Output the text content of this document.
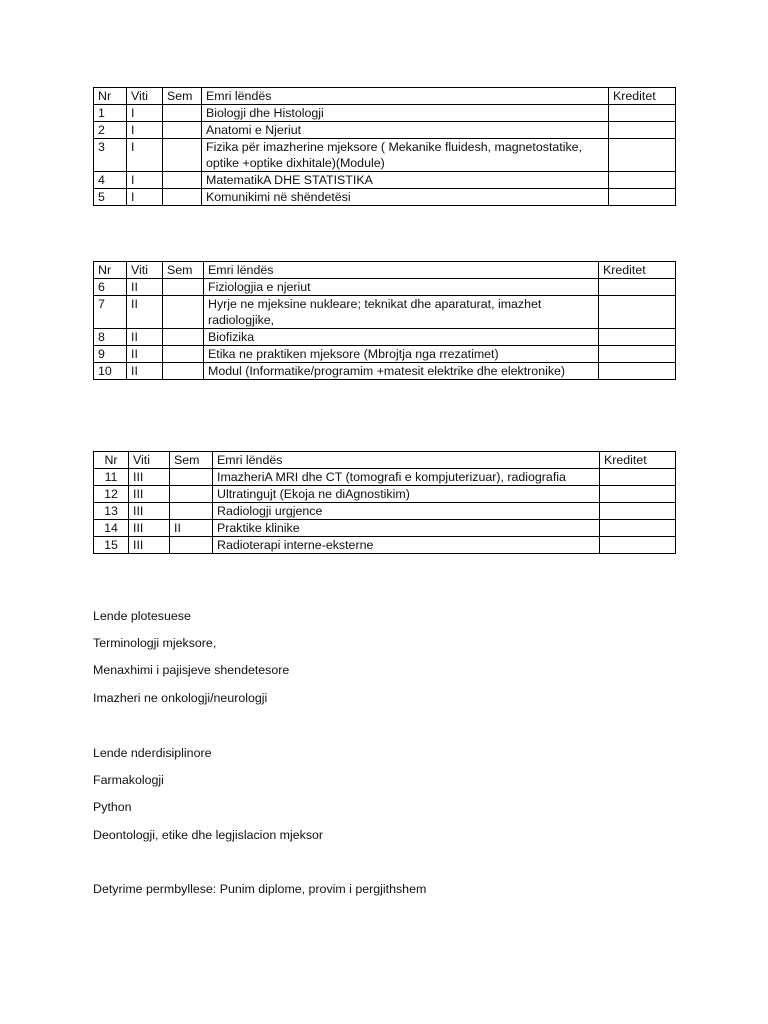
Nr	Viti	Sem	Emri lëndës	Kreditet
1	I		Biologji dhe Histologji	
2	I		Anatomi e Njeriut	
3	I		Fizika për imazherine mjeksore ( Mekanike fluidesh, magnetostatike, optike +optike dixhitale)(Module)	
4	I		MatematikA DHE STATISTIKA	
5	I		Komunikimi në shëndetësi	
Nr	Viti	Sem	Emri lëndës	Kreditet
6	II		Fiziologjia e njeriut	
7	II		Hyrje ne mjeksine nukleare; teknikat dhe aparaturat, imazhet radiologjike,	
8	II		Biofizika	
9	II		Etika ne praktiken mjeksore (Mbrojtja nga rrezatimet)	
10	II		Modul (Informatike/programim +matesit elektrike dhe elektronike)	
Nr	Viti	Sem	Emri lëndës	Kreditet
11	III		ImazheriA MRI dhe CT (tomografi e kompjuterizuar), radiografia	
12	III		Ultratingujt (Ekoja ne diAgnostikim)	
13	III		Radiologji urgjence	
14	III	II	Praktike klinike	
15	III		Radioterapi interne-eksterne	

Lende plotesuese

Terminologji mjeksore,

Menaxhimi i pajisjeve shendetesore

Imazheri ne onkologji/neurologji

Lende nderdisiplinore

Farmakologji

Python

Deontologji, etike dhe legjislacion mjeksor

Detyrime permbyllese: Punim diplome, provim i pergjithshem
